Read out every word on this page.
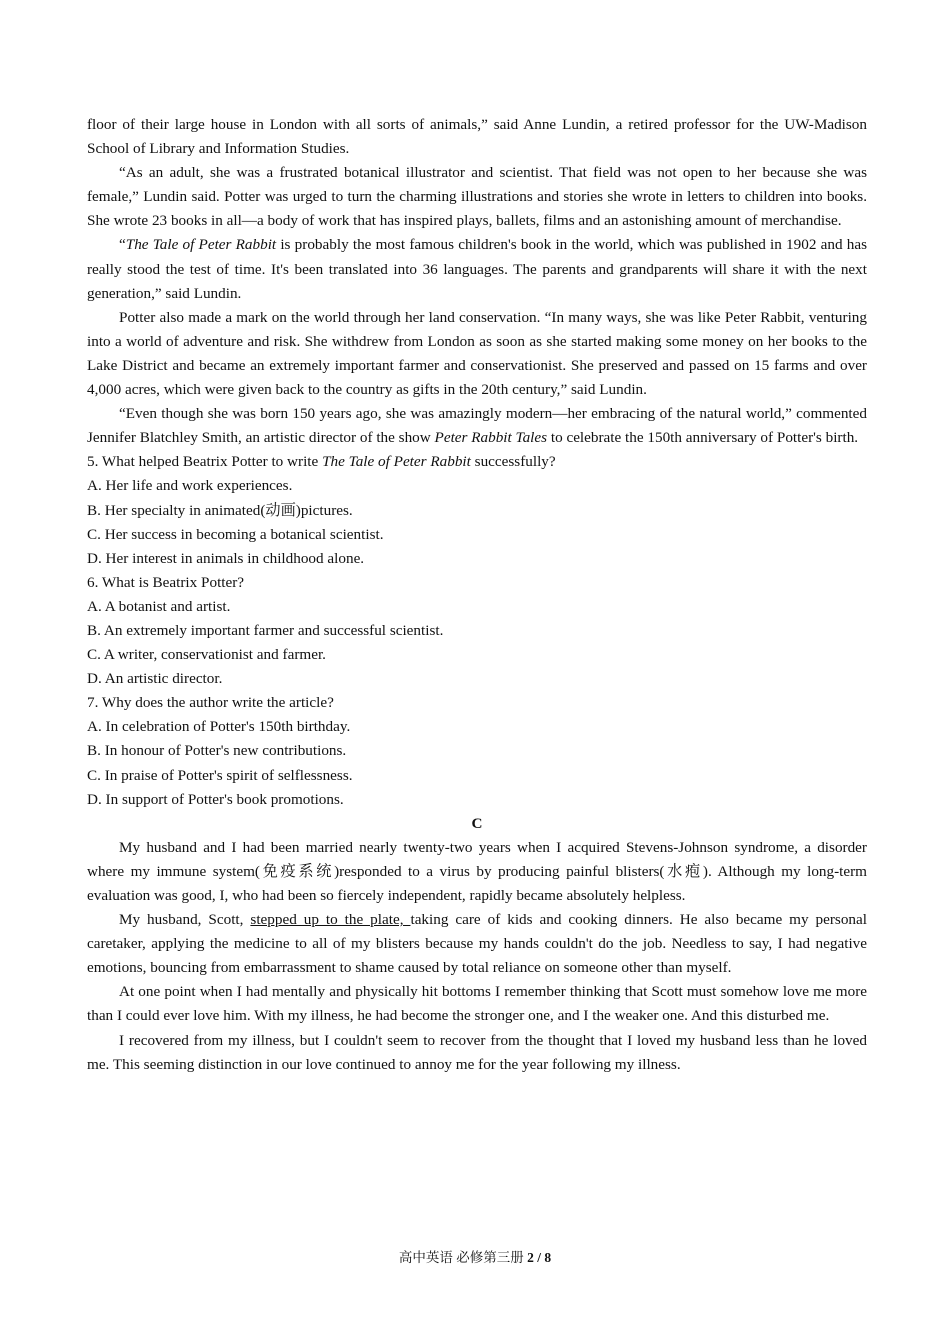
floor of their large house in London with all sorts of animals,” said Anne Lundin, a retired professor for the UW-Madison School of Library and Information Studies.

“As an adult, she was a frustrated botanical illustrator and scientist. That field was not open to her because she was female,” Lundin said. Potter was urged to turn the charming illustrations and stories she wrote in letters to children into books. She wrote 23 books in all—a body of work that has inspired plays, ballets, films and an astonishing amount of merchandise.

“The Tale of Peter Rabbit is probably the most famous children's book in the world, which was published in 1902 and has really stood the test of time. It's been translated into 36 languages. The parents and grandparents will share it with the next generation,” said Lundin.

Potter also made a mark on the world through her land conservation. “In many ways, she was like Peter Rabbit, venturing into a world of adventure and risk. She withdrew from London as soon as she started making some money on her books to the Lake District and became an extremely important farmer and conservationist. She preserved and passed on 15 farms and over 4,000 acres, which were given back to the country as gifts in the 20th century,” said Lundin.

“Even though she was born 150 years ago, she was amazingly modern—her embracing of the natural world,” commented Jennifer Blatchley Smith, an artistic director of the show Peter Rabbit Tales to celebrate the 150th anniversary of Potter's birth.

5. What helped Beatrix Potter to write The Tale of Peter Rabbit successfully?

A. Her life and work experiences.

B. Her specialty in animated(动画)pictures.

C. Her success in becoming a botanical scientist.

D. Her interest in animals in childhood alone.

6. What is Beatrix Potter?

A. A botanist and artist.

B. An extremely important farmer and successful scientist.

C. A writer, conservationist and farmer.

D. An artistic director.

7. Why does the author write the article?

A. In celebration of Potter's 150th birthday.

B. In honour of Potter's new contributions.

C. In praise of Potter's spirit of selflessness.

D. In support of Potter's book promotions.

C

My husband and I had been married nearly twenty-two years when I acquired Stevens-Johnson syndrome, a disorder where my immune system(免疫系统)responded to a virus by producing painful blisters(水疱). Although my long-term evaluation was good, I, who had been so fiercely independent, rapidly became absolutely helpless.

My husband, Scott, stepped up to the plate, taking care of kids and cooking dinners. He also became my personal caretaker, applying the medicine to all of my blisters because my hands couldn't do the job. Needless to say, I had negative emotions, bouncing from embarrassment to shame caused by total reliance on someone other than myself.

At one point when I had mentally and physically hit bottoms I remember thinking that Scott must somehow love me more than I could ever love him. With my illness, he had become the stronger one, and I the weaker one. And this disturbed me.

I recovered from my illness, but I couldn't seem to recover from the thought that I loved my husband less than he loved me. This seeming distinction in our love continued to annoy me for the year following my illness.

高中英语 必修第三册 2 / 8
